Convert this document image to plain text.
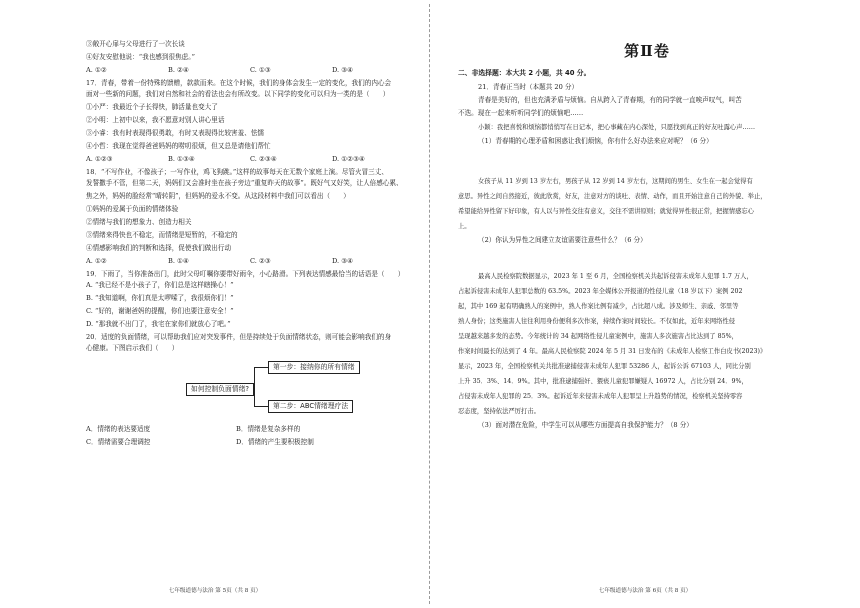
③敞开心扉与父母进行了一次长谈
④好友安慰他说：“我也感到很焦虑。”
A. ①②	B. ②④	C. ①③	D. ③④
17．青春，带着一份特殊的馈赠，款款而来。在这个时候，我们的身体会发生一定的变化，我们的内心会
面对一些新的问题，我们对自然和社会的看法也会有所改变。以下同学的变化可以归为一类的是（　　）
①小严：我最近个子长得快，肺活量也变大了
②小明：上初中以来，我不愿意对别人讲心里话
③小睿：我有时表现得很勇敢，有时又表现得比较害羞、怯懦
④小哲：我现在觉得爸爸妈妈的唠叨很烦，但又总是请他们帮忙
A. ①②③	B. ①③④	C. ②③④	D. ①②③④
18．“不写作业，不像孩子；一写作业，鸡飞狗跳。”这样的故事每天在无数个家庭上演。尽管火冒三丈、
发誓撒手不管，但第二天，妈妈们又会准时坐在孩子旁边“重复昨天的故事”。既好气又好笑，让人倍感心累、
焦之外，妈妈的脸经常“晴转阴”，但妈妈的爱永不变。从这段材料中我们可以看出（　　）
①妈妈的爱属于负面的情绪体验
②情绪与我们的想象力、创造力相关
③情绪来得快也不稳定，而情绪是短暂的，不稳定的
④情感影响我们的判断和选择，促使我们做出行动
A. ①②	B. ①④	C. ②③	D. ③④
19．下雨了，当你准备出门，此时父母叮嘱你要带好雨伞，小心路滑。下列表达情感最恰当的话语是（　　）
A. “我已经不是小孩子了，你们总是这样瞎操心！”
B. “我知道啊，你们真是太啰嗦了，我很烦你们！”
C. “好的，谢谢爸妈的提醒，你们也要注意安全！”
D. “那我就不出门了，我宅在家你们就放心了吧。”
20．适度的负面情绪，可以帮助我们应对突发事件，但是持续处于负面情绪状态，则可能会影响我们的身
心健康。下图启示我们（　　）
如何控制负面情绪?
第一步：接纳你的所有情绪
第二步：ABC情绪理疗法
A．情绪的表达要适度	B．情绪是复杂多样的
C．情绪需要合理调控	D．情绪的产生要积极控制
七年级道德与法治 第 5页（共 8 页）
第Ⅱ卷
二、非选择题：本大共 2 小题，共 40 分。
21．青春正当时（本题共 20 分）
青春是美好的，但也充满矛盾与烦恼。自从跨入了青春期，有的同学就一直唉声叹气，叫苦
不迭。现在一起来听听同学们的烦恼吧……
小颖：我把喜悦和烦恼都悄悄写在日记本，把心事藏在内心深处，只愿找到真正的好友吐露心声……
（1）青春期的心理矛盾和困惑让我们烦恼，你有什么好办法来应对呢？（6 分）
女孩子从 11 岁到 13 岁左右，男孩子从 12 岁到 14 岁左右，这期间的男生、女生在一起会觉得有
意思。异性之间自然接近，彼此欣赏，好友，注意对方的谈吐、表情、动作，而且开始注意自己的外貌、举止，
希望能给异性留下好印象，有人以与异性交往有意义，交往不需讲原则；就觉得异性很正常，把握情感忘心
上。
（2）你认为异性之间建立友谊需要注意些什么？（6 分）
最高人民检察院数据显示，2023 年 1 至 6 月，全国检察机关共起诉侵害未成年人犯罪 1.7 万人，
占起诉侵害未成年人犯罪总数的 63.5%。2023 年全媒体公开报道的性侵儿童（18 岁以下）案例 202
起，其中 169 起有明确熟人的案例中，熟人作案比例有减少，占比超八成。涉及师生、亲戚、邻里等
熟人身份；这类施害人往往利用身份便利多次作案，持续作案时间较长。不仅如此，近年来网络性侵
呈现越来越多发的态势。今年统计的 34 起网络性侵儿童案例中，施害人多次施害占比达到了 85%，
作案时间最长的达到了 4 年。最高人民检察院 2024 年 5 月 31 日发布的《未成年人检察工作白皮书(2023)》
显示，2023 年，全国检察机关共批准逮捕侵害未成年人犯罪 53286 人，起诉公诉 67103 人，同比分别
上升 35．3%、14．9%。其中，批准逮捕强奸、猥亵儿童犯罪嫌疑人 16972 人，占比分别 24．9%，
占侵害未成年人犯罪的 25．3%。起诉近年来侵害未成年人犯罪呈上升趋势的情况，检察机关坚持零容
忍态度，坚持依法严厉打击。
（3）面对潜在危险，中学生可以从哪些方面提高自我保护能力？（8 分）
七年级道德与法治 第 6页（共 8 页）
